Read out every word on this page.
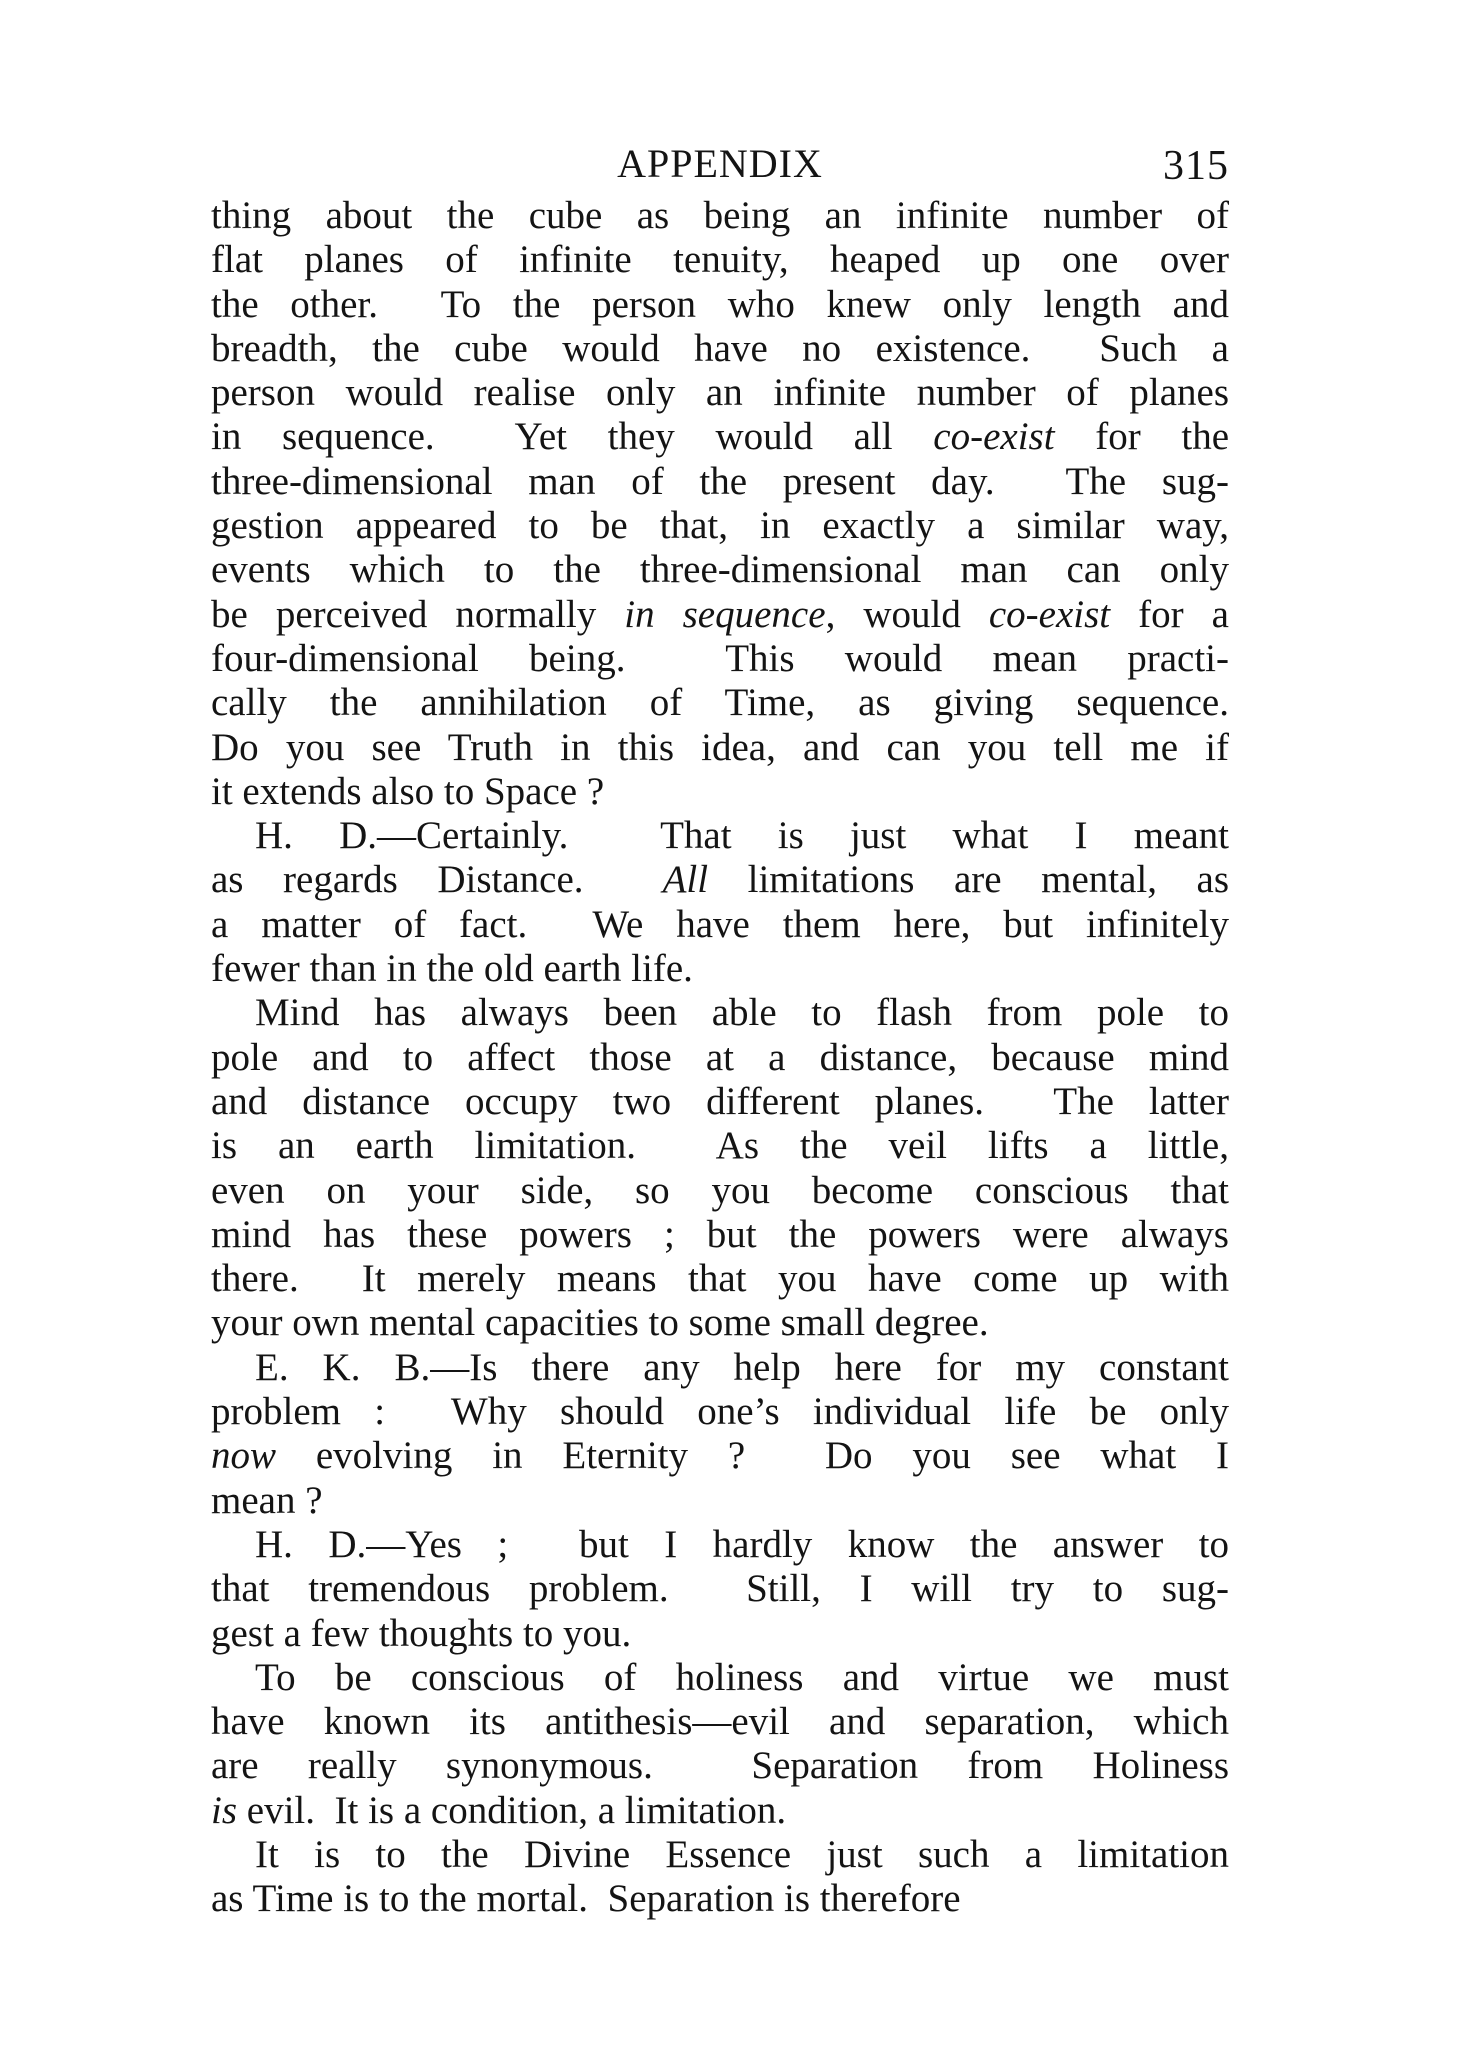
APPENDIX	315
thing about the cube as being an infinite number of
flat planes of infinite tenuity, heaped up one over
the other.  To the person who knew only length and
breadth, the cube would have no existence.  Such a
person would realise only an infinite number of planes
in sequence.  Yet they would all co-exist for the
three-dimensional man of the present day.  The sug-
gestion appeared to be that, in exactly a similar way,
events which to the three-dimensional man can only
be perceived normally in sequence, would co-exist for a
four-dimensional being.  This would mean practi-
cally the annihilation of Time, as giving sequence.
Do you see Truth in this idea, and can you tell me if
it extends also to Space ?
H. D.—Certainly.  That is just what I meant
as regards Distance.  All limitations are mental, as
a matter of fact.  We have them here, but infinitely
fewer than in the old earth life.
Mind has always been able to flash from pole to
pole and to affect those at a distance, because mind
and distance occupy two different planes.  The latter
is an earth limitation.  As the veil lifts a little,
even on your side, so you become conscious that
mind has these powers ; but the powers were always
there.  It merely means that you have come up with
your own mental capacities to some small degree.
E. K. B.—Is there any help here for my constant
problem :  Why should one’s individual life be only
now evolving in Eternity ?  Do you see what I
mean ?
H. D.—Yes ;  but I hardly know the answer to
that tremendous problem.  Still, I will try to sug-
gest a few thoughts to you.
To be conscious of holiness and virtue we must
have known its antithesis—evil and separation, which
are really synonymous.  Separation from Holiness
is evil.  It is a condition, a limitation.
It is to the Divine Essence just such a limitation
as Time is to the mortal.  Separation is therefore
